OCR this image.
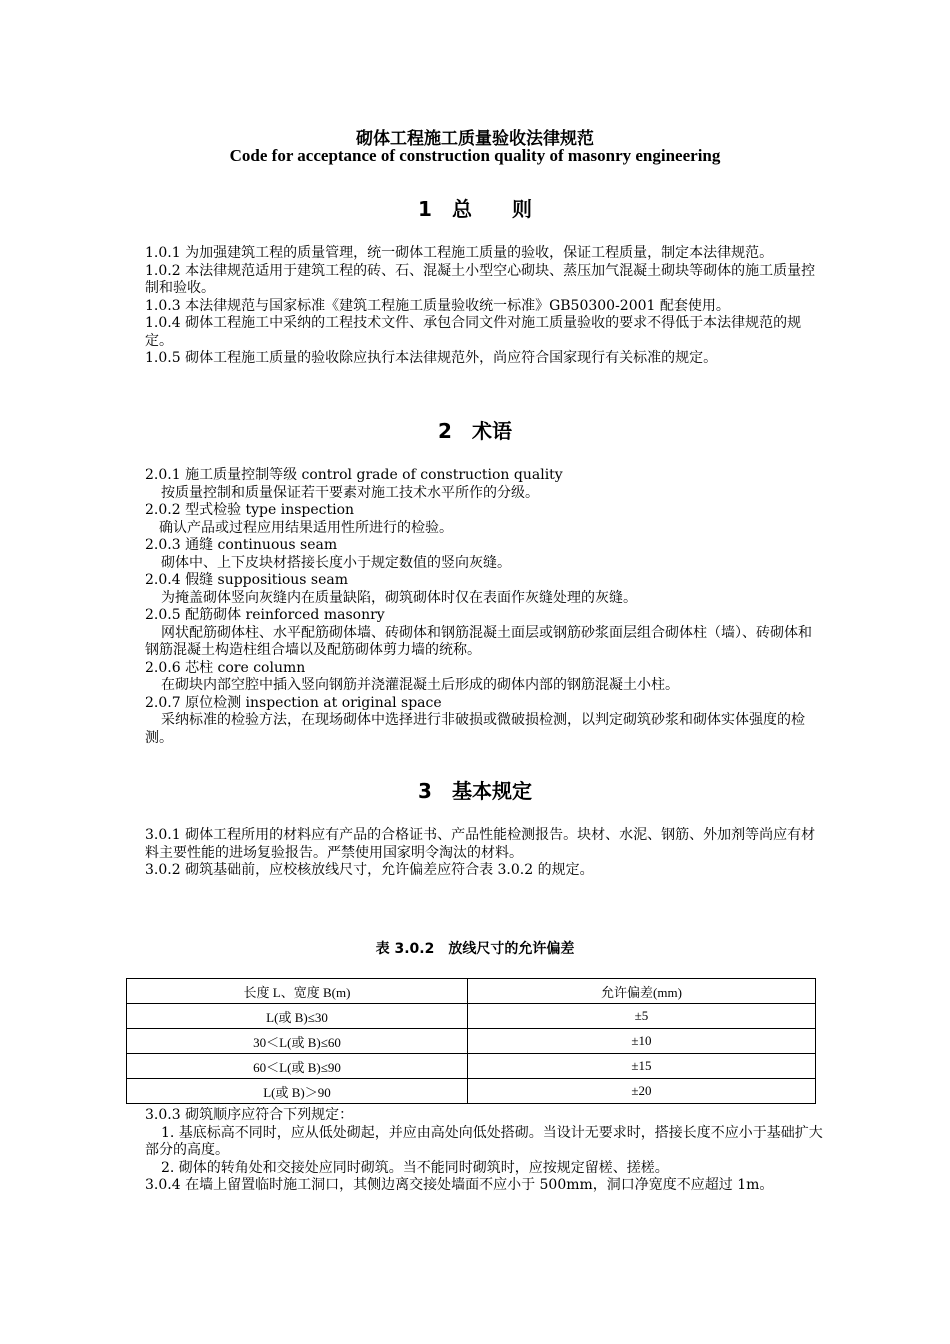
砌体工程施工质量验收法律规范
Code for acceptance of construction quality of masonry engineering
1　总　　则

1.0.1 为加强建筑工程的质量管理，统一砌体工程施工质量的验收，保证工程质量，制定本法律规范。

1.0.2 本法律规范适用于建筑工程的砖、石、混凝土小型空心砌块、蒸压加气混凝土砌块等砌体的施工质量控制和验收。

1.0.3 本法律规范与国家标准《建筑工程施工质量验收统一标准》GB50300-2001 配套使用。

1.0.4 砌体工程施工中采纳的工程技术文件、承包合同文件对施工质量验收的要求不得低于本法律规范的规定。

1.0.5 砌体工程施工质量的验收除应执行本法律规范外，尚应符合国家现行有关标准的规定。

2　术语

2.0.1 施工质量控制等级 control grade of construction quality

按质量控制和质量保证若干要素对施工技术水平所作的分级。

2.0.2 型式检验 type inspection

确认产品或过程应用结果适用性所进行的检验。

2.0.3 通缝 continuous seam

砌体中、上下皮块材搭接长度小于规定数值的竖向灰缝。

2.0.4 假缝 suppositious seam

为掩盖砌体竖向灰缝内在质量缺陷，砌筑砌体时仅在表面作灰缝处理的灰缝。

2.0.5 配筋砌体 reinforced masonry

网状配筋砌体柱、水平配筋砌体墙、砖砌体和钢筋混凝土面层或钢筋砂浆面层组合砌体柱（墙）、砖砌体和钢筋混凝土构造柱组合墙以及配筋砌体剪力墙的统称。

2.0.6 芯柱 core column

在砌块内部空腔中插入竖向钢筋并浇灌混凝土后形成的砌体内部的钢筋混凝土小柱。

2.0.7 原位检测 inspection at original space

采纳标准的检验方法，在现场砌体中选择进行非破损或微破损检测，以判定砌筑砂浆和砌体实体强度的检测。

3　基本规定

3.0.1 砌体工程所用的材料应有产品的合格证书、产品性能检测报告。块材、水泥、钢筋、外加剂等尚应有材料主要性能的进场复验报告。严禁使用国家明令淘汰的材料。

3.0.2 砌筑基础前，应校核放线尺寸，允许偏差应符合表 3.0.2 的规定。

表 3.0.2　放线尺寸的允许偏差
长度 L、宽度 B(m)	允许偏差(mm)
L(或 B)≤30	±5
30＜L(或 B)≤60	±10
60＜L(或 B)≤90	±15
L(或 B)＞90	±20

3.0.3 砌筑顺序应符合下列规定：

1. 基底标高不同时，应从低处砌起，并应由高处向低处搭砌。当设计无要求时，搭接长度不应小于基础扩大部分的高度。

2. 砌体的转角处和交接处应同时砌筑。当不能同时砌筑时，应按规定留槎、搓槎。

3.0.4 在墙上留置临时施工洞口，其侧边离交接处墙面不应小于 500mm，洞口净宽度不应超过 1m。
